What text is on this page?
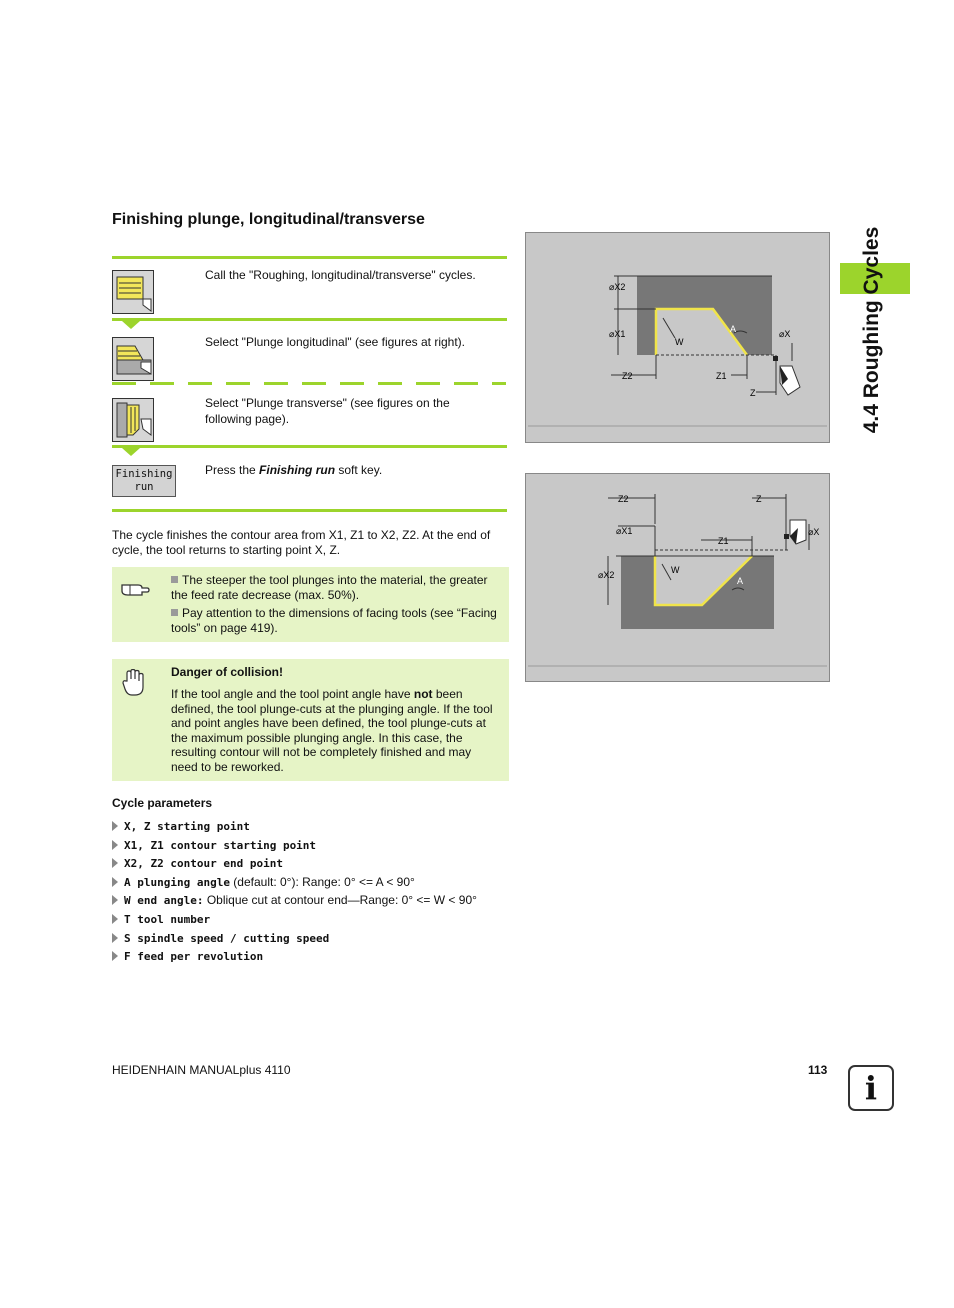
Finishing plunge, longitudinal/transverse
Call the "Roughing, longitudinal/transverse" cycles.
Select "Plunge longitudinal" (see figures at right).
Select "Plunge transverse" (see figures on the following page).
Finishing
run
Press the Finishing run soft key.
The cycle finishes the contour area from X1, Z1 to X2, Z2. At the end of cycle, the tool returns to starting point X, Z.
The steeper the tool plunges into the material, the greater the feed rate decrease (max. 50%).
Pay attention to the dimensions of facing tools (see “Facing tools” on page 419).
Danger of collision!
If the tool angle and the tool point angle have not been defined, the tool plunge-cuts at the plunging angle. If the tool and point angles have been defined, the tool plunge-cuts at the maximum possible plunging angle. In this case, the resulting contour will not be completely finished and may need to be reworked.
Cycle parameters
X, Z starting point
X1, Z1 contour starting point
X2, Z2 contour end point
A plunging angle (default: 0°): Range: 0° <= A < 90°
W end angle: Oblique cut at contour end—Range: 0° <= W < 90°
T tool number
S spindle speed / cutting speed
F feed per revolution
⌀X2
⌀X1	⌀X
W
A
Z2	Z1
Z
Z2	Z
⌀X1
Z1
⌀X
⌀X2	W
A
4.4 Roughing Cycles
HEIDENHAIN MANUALplus 4110	113	i
